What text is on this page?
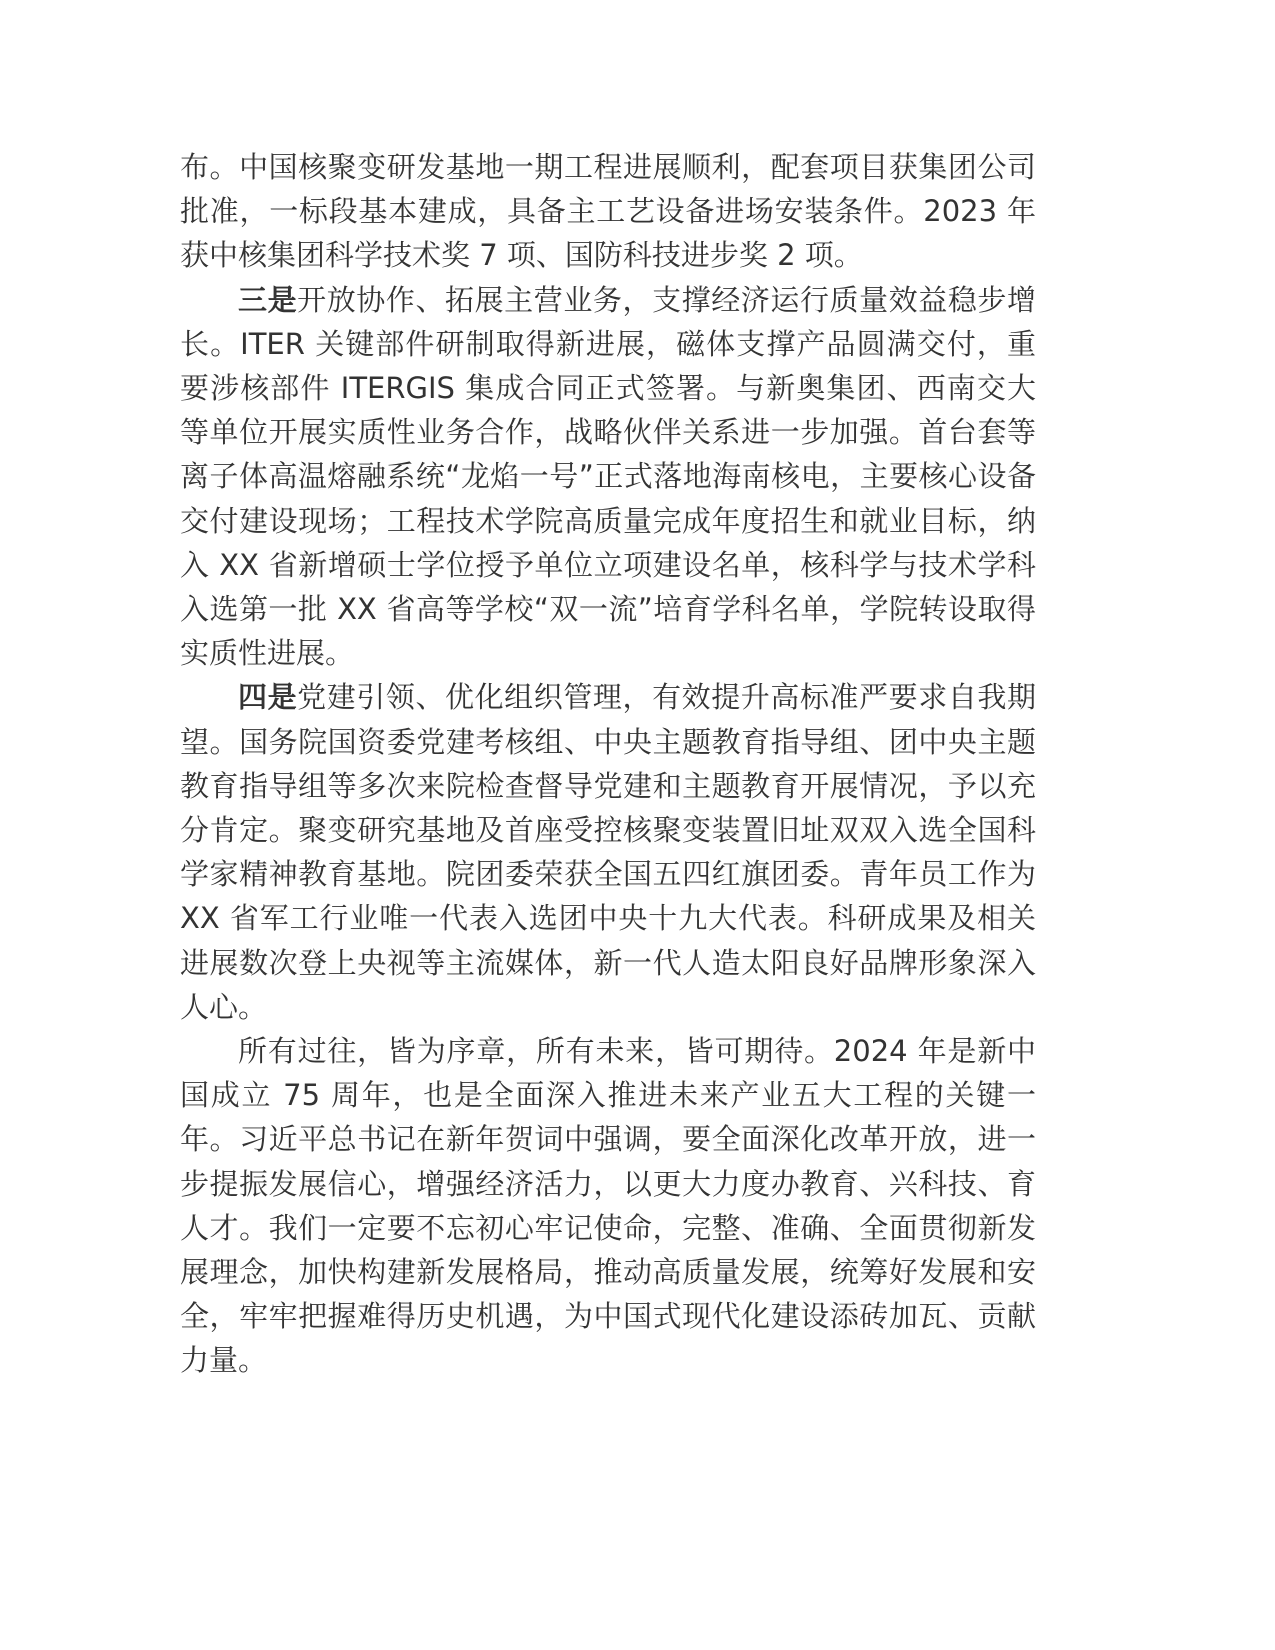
布。中国核聚变研发基地一期工程进展顺利，配套项目获集团公司批准，一标段基本建成，具备主工艺设备进场安装条件。2023 年获中核集团科学技术奖 7 项、国防科技进步奖 2 项。

三是开放协作、拓展主营业务，支撑经济运行质量效益稳步增长。ITER 关键部件研制取得新进展，磁体支撑产品圆满交付，重要涉核部件 ITERGIS 集成合同正式签署。与新奥集团、西南交大等单位开展实质性业务合作，战略伙伴关系进一步加强。首台套等离子体高温熔融系统“龙焰一号”正式落地海南核电，主要核心设备交付建设现场；工程技术学院高质量完成年度招生和就业目标，纳入 XX 省新增硕士学位授予单位立项建设名单，核科学与技术学科入选第一批 XX 省高等学校“双一流”培育学科名单，学院转设取得实质性进展。

四是党建引领、优化组织管理，有效提升高标准严要求自我期望。国务院国资委党建考核组、中央主题教育指导组、团中央主题教育指导组等多次来院检查督导党建和主题教育开展情况，予以充分肯定。聚变研究基地及首座受控核聚变装置旧址双双入选全国科学家精神教育基地。院团委荣获全国五四红旗团委。青年员工作为 XX 省军工行业唯一代表入选团中央十九大代表。科研成果及相关进展数次登上央视等主流媒体，新一代人造太阳良好品牌形象深入人心。

所有过往，皆为序章，所有未来，皆可期待。2024 年是新中国成立 75 周年，也是全面深入推进未来产业五大工程的关键一年。习近平总书记在新年贺词中强调，要全面深化改革开放，进一步提振发展信心，增强经济活力，以更大力度办教育、兴科技、育人才。我们一定要不忘初心牢记使命，完整、准确、全面贯彻新发展理念，加快构建新发展格局，推动高质量发展，统筹好发展和安全，牢牢把握难得历史机遇，为中国式现代化建设添砖加瓦、贡献力量。
